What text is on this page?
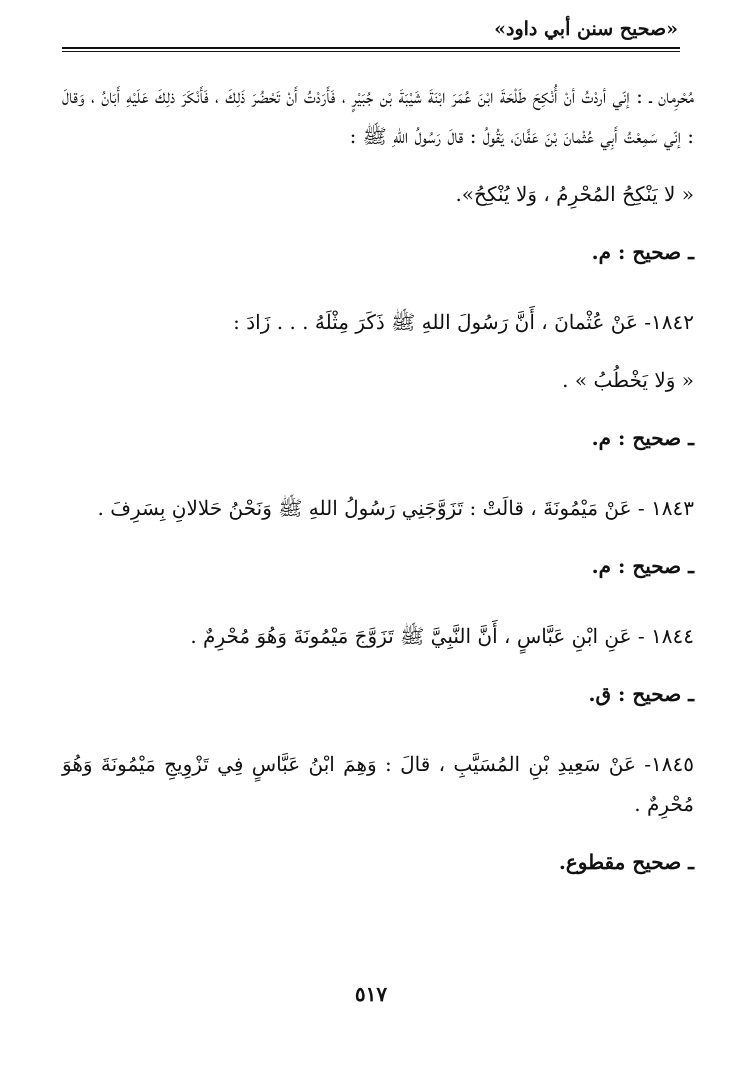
«صحيح سنن أبي داود»

مُحْرِمان ـ : إنّي أردْتُ أنْ أُنْكِحَ طَلْحَةَ ابْنَ عُمَرَ ابْنَةَ شَيْبَةَ بْن جُبَيْرٍ ، فَأَرَدْتُ أَنْ تَحْضُرَ ذَلِكَ ، فَأَنْكَرَ ذلِكَ عَلَيْهِ أَبَانُ ، وَقالَ : إنّي سَمِعْتُ أَبِي عُثْمانَ بْنَ عَفَّانَ، يَقُولُ : قالَ رَسُولُ اللهِ ﷺ :

« لا يَنْكِحُ المُحْرِمُ ، وَلا يُنْكِحُ».

ـ صحيح : م.

١٨٤٢- عَنْ عُثْمانَ ، أَنَّ رَسُولَ اللهِ ﷺ ذَكَرَ مِثْلَهُ . . . زَادَ :

« وَلا يَخْطُبُ » .

ـ صحيح : م.

١٨٤٣ - عَنْ مَيْمُونَةَ ، قالَتْ : تَزَوَّجَنِي رَسُولُ اللهِ ﷺ وَنَحْنُ حَلالانِ بِسَرِفَ .

ـ صحيح : م.

١٨٤٤ - عَنِ ابْنِ عَبَّاسٍ ، أَنَّ النَّبِيَّ ﷺ تَزَوَّجَ مَيْمُونَةَ وَهُوَ مُحْرِمٌ .

ـ صحيح : ق.

١٨٤٥- عَنْ سَعِيدِ بْنِ المُسَيَّبِ ، قالَ : وَهِمَ ابْنُ عَبَّاسٍ فِي تَزْوِيجِ مَيْمُونَةَ وَهُوَ مُحْرِمٌ .

ـ صحيح مقطوع.

٥١٧
